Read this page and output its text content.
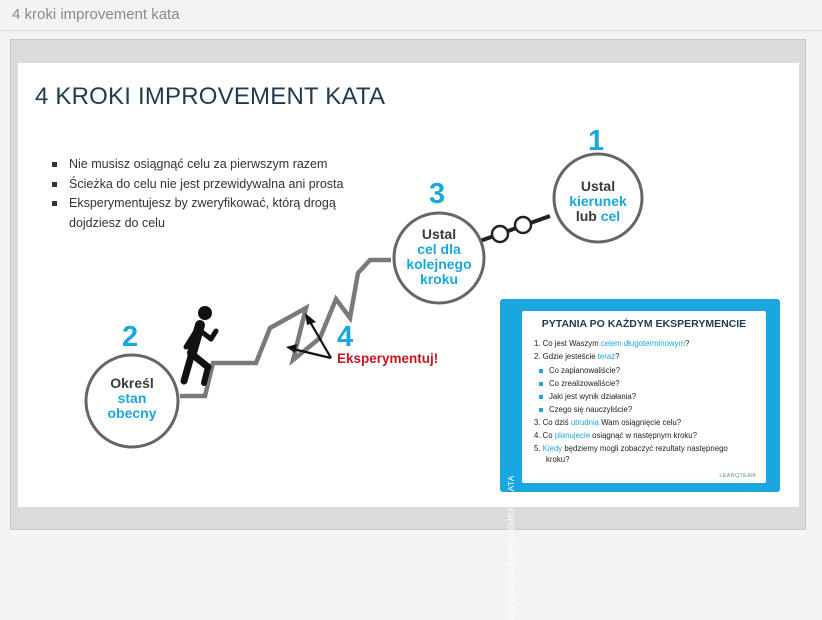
4 kroki improvement kata
4 KROKI IMPROVEMENT KATA
Nie musisz osiągnąć celu za pierwszym razem
Ścieżka do celu nie jest przewidywalna ani prosta
Eksperymentujesz by zweryfikować, którą drogą dojdziesz do celu
1
2
3
4
Eksperymentuj!
Ustal
kierunek
lub cel
Określ
stan
obecny
Ustal
cel dla
kolejnego
kroku
REFLEKSJA IMPROVEMENT KATA
PYTANIA PO KAŻDYM EKSPERYMENCIE
1. Co jest Waszym celem długoterminowym?
2. Gdzie jesteście teraz?
Co zaplanowaliście?
Co zrealizowaliście?
Jaki jest wynik działania?
Czego się nauczyliście?
3. Co dziś utrudnia Wam osiągnięcie celu?
4. Co planujecie osiągnąć w następnym kroku?
5. Kiedy będziemy mogli zobaczyć rezultaty następnego
kroku?
LEANQTEAM
